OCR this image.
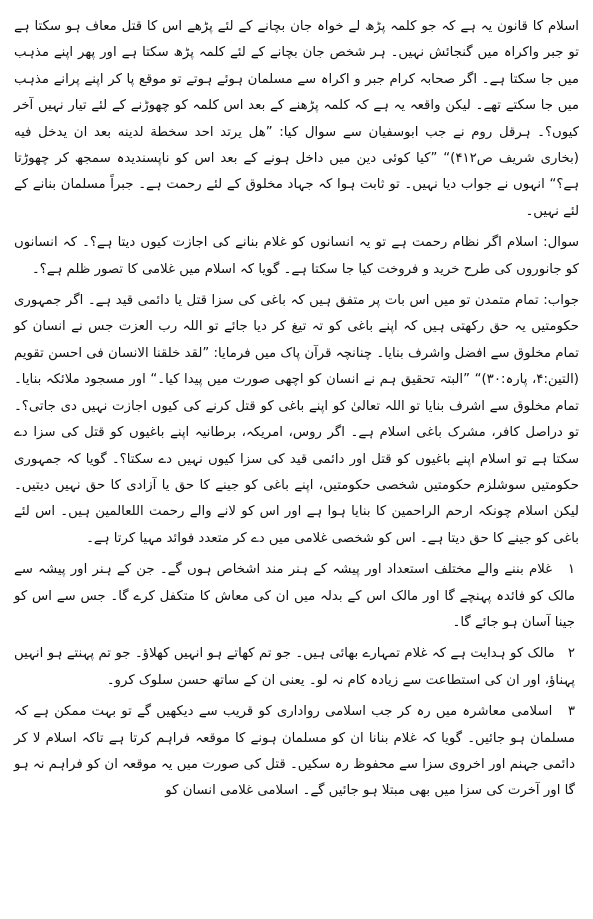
اسلام کا قانون یہ ہے کہ جو کلمہ پڑھ لے خواہ جان بچانے کے لئے پڑھے اس کا قتل معاف ہو سکتا ہے تو جبر واکراہ میں گنجائش نہیں۔ ہر شخص جان بچانے کے لئے کلمہ پڑھ سکتا ہے اور پھر اپنے مذہب میں جا سکتا ہے۔ اگر صحابہ کرام جبر و اکراہ سے مسلمان ہوئے ہوتے تو موقع پا کر اپنے پرانے مذہب میں جا سکتے تھے۔ لیکن واقعہ یہ ہے کہ کلمہ پڑھنے کے بعد اس کلمہ کو چھوڑنے کے لئے تیار نہیں آخر کیوں؟۔ ہرقل روم نے جب ابوسفیان سے سوال کیا: ”ھل یرتد احد سخطة لدینه بعد ان یدخل فیه (بخاری شریف ص۴۱۲)“ ”کیا کوئی دین میں داخل ہونے کے بعد اس کو ناپسندیدہ سمجھ کر چھوڑتا ہے؟“ انہوں نے جواب دیا نہیں۔ تو ثابت ہوا کہ جہاد مخلوق کے لئے رحمت ہے۔ جبراً مسلمان بنانے کے لئے نہیں۔

سوال: اسلام اگر نظام رحمت ہے تو یہ انسانوں کو غلام بنانے کی اجازت کیوں دیتا ہے؟۔ کہ انسانوں کو جانوروں کی طرح خرید و فروخت کیا جا سکتا ہے۔ گویا کہ اسلام میں غلامی کا تصور ظلم ہے؟۔

جواب: تمام متمدن تو میں اس بات پر متفق ہیں کہ باغی کی سزا قتل یا دائمی قید ہے۔ اگر جمہوری حکومتیں یہ حق رکھتی ہیں کہ اپنے باغی کو تہ تیغ کر دیا جائے تو اللہ رب العزت جس نے انسان کو تمام مخلوق سے افضل واشرف بنایا۔ چنانچہ قرآن پاک میں فرمایا: ”لقد خلقنا الانسان فی احسن تقویم (التین:۴، پارہ:۳۰)“ ”البتہ تحقیق ہم نے انسان کو اچھی صورت میں پیدا کیا۔“ اور مسجود ملائکہ بنایا۔ تمام مخلوق سے اشرف بنایا تو اللہ تعالیٰ کو اپنے باغی کو قتل کرنے کی کیوں اجازت نہیں دی جاتی؟۔ تو دراصل کافر، مشرک باغی اسلام ہے۔ اگر روس، امریکہ، برطانیہ اپنے باغیوں کو قتل کی سزا دے سکتا ہے تو اسلام اپنے باغیوں کو قتل اور دائمی قید کی سزا کیوں نہیں دے سکتا؟۔ گویا کہ جمہوری حکومتیں سوشلزم حکومتیں شخصی حکومتیں، اپنے باغی کو جینے کا حق یا آزادی کا حق نہیں دیتیں۔ لیکن اسلام چونکہ ارحم الراحمین کا بنایا ہوا ہے اور اس کو لانے والے رحمت اللعالمین ہیں۔ اس لئے باغی کو جینے کا حق دیتا ہے۔ اس کو شخصی غلامی میں دے کر متعدد فوائد مہیا کرتا ہے۔

۱   غلام بننے والے مختلف استعداد اور پیشہ کے ہنر مند اشخاص ہوں گے۔ جن کے ہنر اور پیشہ سے مالک کو فائدہ پہنچے گا اور مالک اس کے بدلہ میں ان کی معاش کا متکفل کرے گا۔ جس سے اس کو جینا آسان ہو جائے گا۔

۲   مالک کو ہدایت ہے کہ غلام تمہارے بھائی ہیں۔ جو تم کھاتے ہو انہیں کھلاؤ۔ جو تم پہنتے ہو انہیں پہناؤ، اور ان کی استطاعت سے زیادہ کام نہ لو۔ یعنی ان کے ساتھ حسن سلوک کرو۔

۳   اسلامی معاشرہ میں رہ کر جب اسلامی رواداری کو قریب سے دیکھیں گے تو بہت ممکن ہے کہ مسلمان ہو جائیں۔ گویا کہ غلام بنانا ان کو مسلمان ہونے کا موقعہ فراہم کرتا ہے تاکہ اسلام لا کر دائمی جہنم اور اخروی سزا سے محفوظ رہ سکیں۔ قتل کی صورت میں یہ موقعہ ان کو فراہم نہ ہو گا اور آخرت کی سزا میں بھی مبتلا ہو جائیں گے۔ اسلامی غلامی انسان کو
